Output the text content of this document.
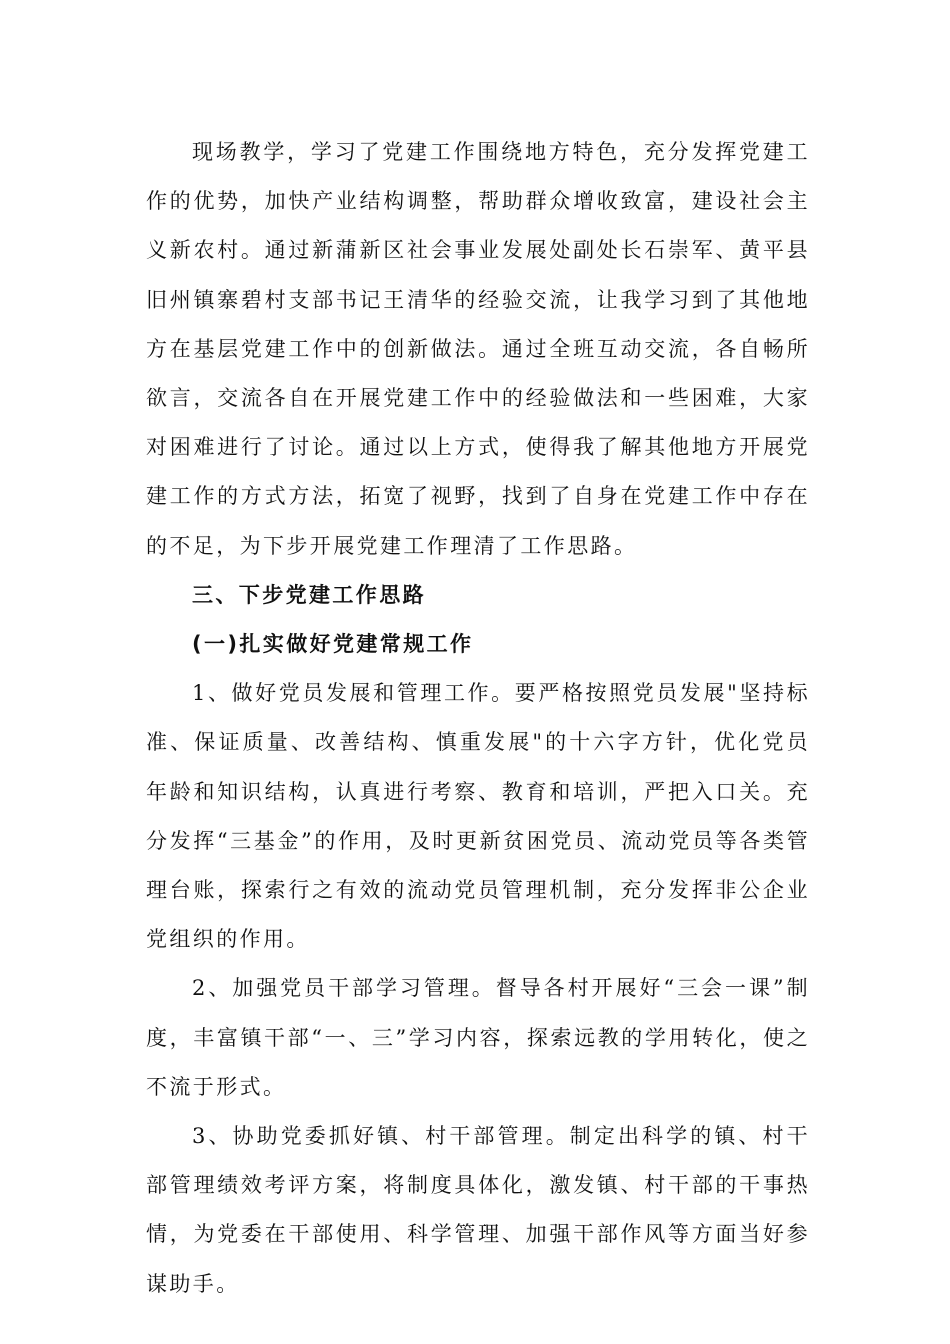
现场教学，学习了党建工作围绕地方特色，充分发挥党建工作的优势，加快产业结构调整，帮助群众增收致富，建设社会主义新农村。通过新蒲新区社会事业发展处副处长石崇军、黄平县旧州镇寨碧村支部书记王清华的经验交流，让我学习到了其他地方在基层党建工作中的创新做法。通过全班互动交流，各自畅所欲言，交流各自在开展党建工作中的经验做法和一些困难，大家对困难进行了讨论。通过以上方式，使得我了解其他地方开展党建工作的方式方法，拓宽了视野，找到了自身在党建工作中存在的不足，为下步开展党建工作理清了工作思路。

三、下步党建工作思路

(一)扎实做好党建常规工作

1、做好党员发展和管理工作。要严格按照党员发展"坚持标准、保证质量、改善结构、慎重发展"的十六字方针，优化党员年龄和知识结构，认真进行考察、教育和培训，严把入口关。充分发挥“三基金”的作用，及时更新贫困党员、流动党员等各类管理台账，探索行之有效的流动党员管理机制，充分发挥非公企业党组织的作用。

2、加强党员干部学习管理。督导各村开展好“三会一课”制度，丰富镇干部“一、三”学习内容，探索远教的学用转化，使之不流于形式。

3、协助党委抓好镇、村干部管理。制定出科学的镇、村干部管理绩效考评方案，将制度具体化，激发镇、村干部的干事热情，为党委在干部使用、科学管理、加强干部作风等方面当好参谋助手。
